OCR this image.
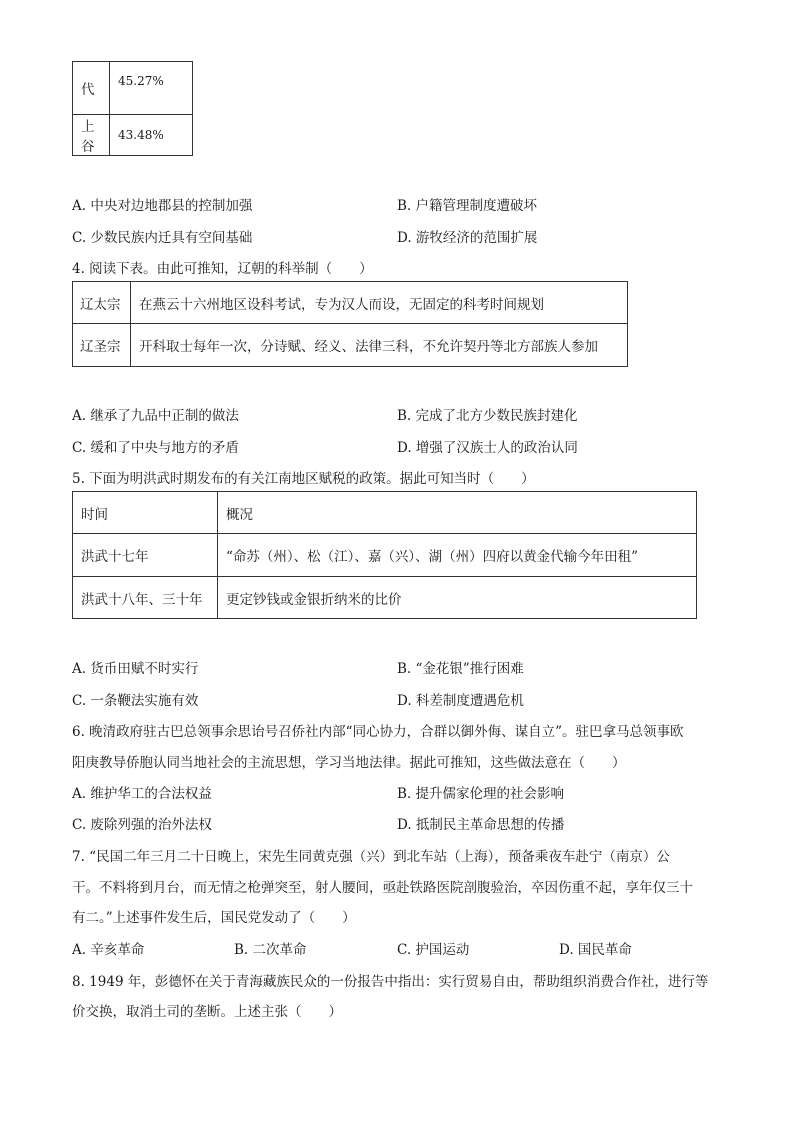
代	45.27%
上谷	43.48%
A. 中央对边地郡县的控制加强	B. 户籍管理制度遭破坏
C. 少数民族内迁具有空间基础	D. 游牧经济的范围扩展
4. 阅读下表。由此可推知，辽朝的科举制（　　）
辽太宗	在燕云十六州地区设科考试，专为汉人而设，无固定的科考时间规划
辽圣宗	开科取士每年一次，分诗赋、经义、法律三科，不允许契丹等北方部族人参加
A. 继承了九品中正制的做法	B. 完成了北方少数民族封建化
C. 缓和了中央与地方的矛盾	D. 增强了汉族士人的政治认同
5. 下面为明洪武时期发布的有关江南地区赋税的政策。据此可知当时（　　）
时间	概况
洪武十七年	“命苏（州）、松（江）、嘉（兴）、湖（州）四府以黄金代输今年田租”
洪武十八年、三十年	更定钞钱或金银折纳米的比价
A. 货币田赋不时实行	B. “金花银”推行困难
C. 一条鞭法实施有效	D. 科差制度遭遇危机
6. 晚清政府驻古巴总领事余思诒号召侨社内部“同心协力，合群以御外侮、谋自立”。驻巴拿马总领事欧
阳庚教导侨胞认同当地社会的主流思想，学习当地法律。据此可推知，这些做法意在（　　）
A. 维护华工的合法权益	B. 提升儒家伦理的社会影响
C. 废除列强的治外法权	D. 抵制民主革命思想的传播
7. “民国二年三月二十日晚上，宋先生同黄克强（兴）到北车站（上海），预备乘夜车赴宁（南京）公
干。不料将到月台，而无情之枪弹突至，射人腰间，亟赴铁路医院剖腹验治，卒因伤重不起，享年仅三十
有二。”上述事件发生后，国民党发动了（　　）
A. 辛亥革命	B. 二次革命	C. 护国运动	D. 国民革命
8. 1949 年，彭德怀在关于青海藏族民众的一份报告中指出：实行贸易自由，帮助组织消费合作社，进行等
价交换，取消土司的垄断。上述主张（　　）
